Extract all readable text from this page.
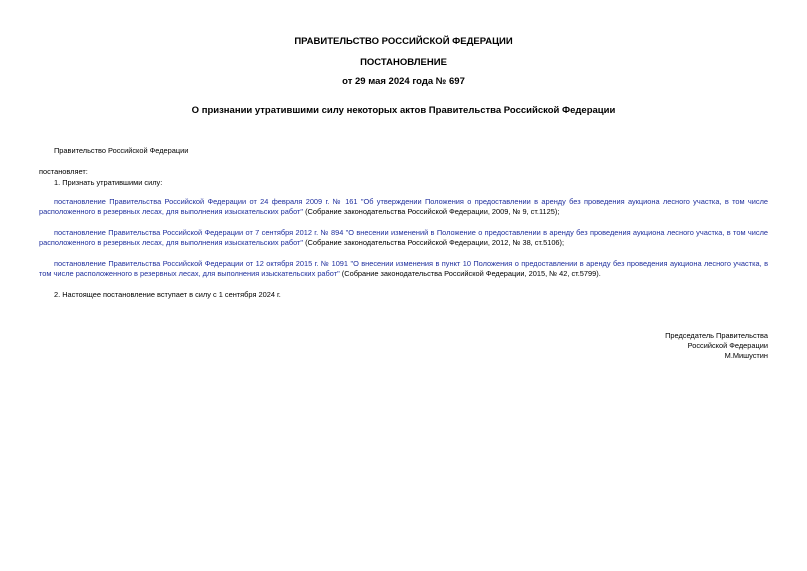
ПРАВИТЕЛЬСТВО РОССИЙСКОЙ ФЕДЕРАЦИИ
ПОСТАНОВЛЕНИЕ
от 29 мая 2024 года № 697
О признании утратившими силу некоторых актов Правительства Российской Федерации
Правительство Российской Федерации
постановляет:
1. Признать утратившими силу:
постановление Правительства Российской Федерации от 24 февраля 2009 г. № 161 "Об утверждении Положения о предоставлении в аренду без проведения аукциона лесного участка, в том числе расположенного в резервных лесах, для выполнения изыскательских работ" (Собрание законодательства Российской Федерации, 2009, № 9, ст.1125);
постановление Правительства Российской Федерации от 7 сентября 2012 г. № 894 "О внесении изменений в Положение о предоставлении в аренду без проведения аукциона лесного участка, в том числе расположенного в резервных лесах, для выполнения изыскательских работ" (Собрание законодательства Российской Федерации, 2012, № 38, ст.5106);
постановление Правительства Российской Федерации от 12 октября 2015 г. № 1091 "О внесении изменения в пункт 10 Положения о предоставлении в аренду без проведения аукциона лесного участка, в том числе расположенного в резервных лесах, для выполнения изыскательских работ" (Собрание законодательства Российской Федерации, 2015, № 42, ст.5799).
2. Настоящее постановление вступает в силу с 1 сентября 2024 г.
Председатель Правительства
Российской Федерации
М.Мишустин
